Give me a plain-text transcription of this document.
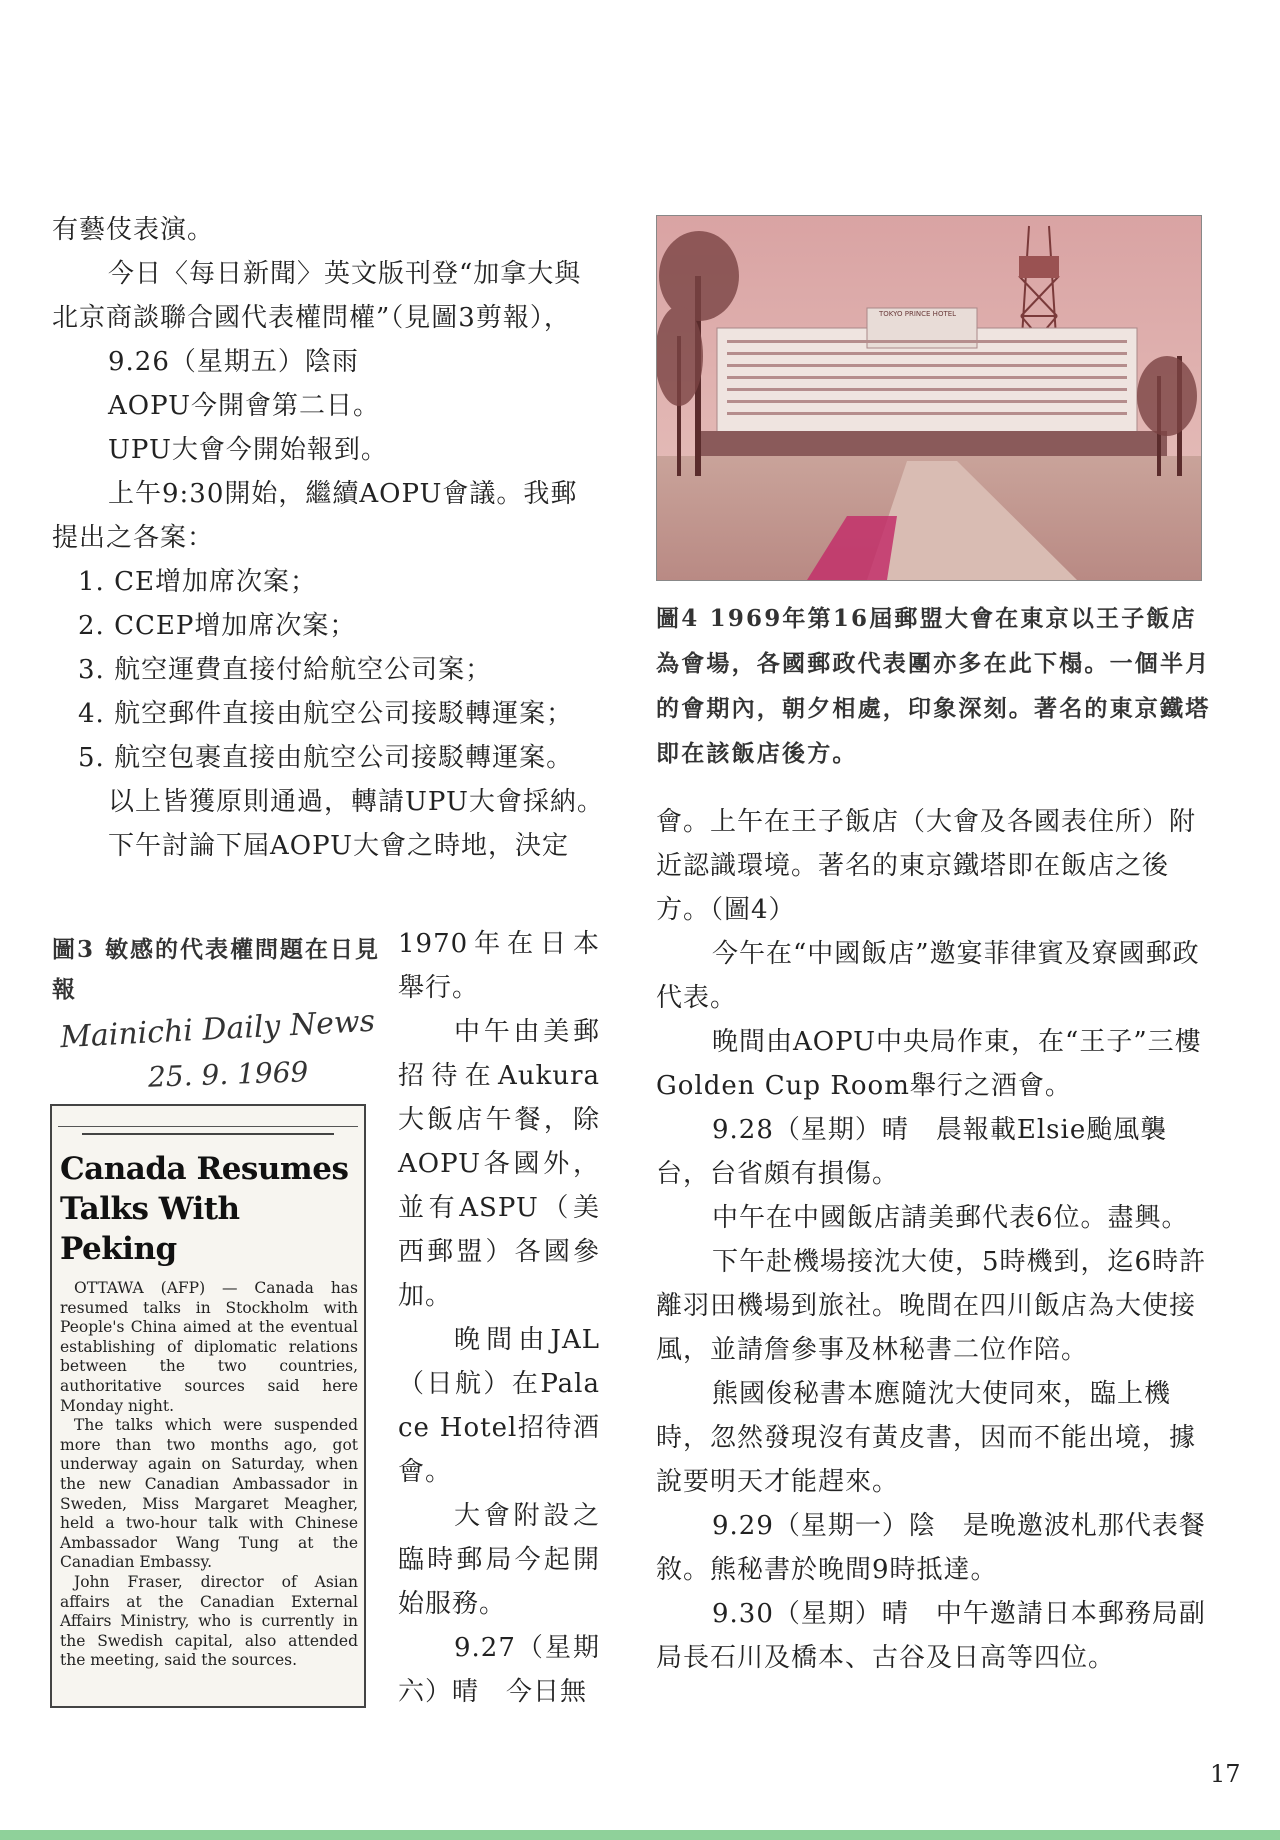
有藝伎表演。

今日〈每日新聞〉英文版刊登“加拿大與北京商談聯合國代表權問權”（見圖3剪報），

9.26（星期五）陰雨

AOPU今開會第二日。

UPU大會今開始報到。

上午9:30開始，繼續AOPU會議。我郵提出之各案：

1. CE增加席次案；
2. CCEP增加席次案；
3. 航空運費直接付給航空公司案；
4. 航空郵件直接由航空公司接駁轉運案；
5. 航空包裹直接由航空公司接駁轉運案。

以上皆獲原則通過，轉請UPU大會採納。

下午討論下屆AOPU大會之時地，決定

圖3 敏感的代表權問題在日見報
Mainichi Daily News
25. 9. 1969
Canada Resumes Talks With Peking

OTTAWA (AFP) — Canada has resumed talks in Stockholm with People's China aimed at the eventual establishing of diplomatic relations between the two countries, authoritative sources said here Monday night.

The talks which were suspended more than two months ago, got underway again on Saturday, when the new Canadian Ambassador in Sweden, Miss Margaret Meagher, held a two-hour talk with Chinese Ambassador Wang Tung at the Canadian Embassy.

John Fraser, director of Asian affairs at the Canadian External Affairs Ministry, who is currently in the Swedish capital, also attended the meeting, said the sources.

1970年在日本舉行。

中午由美郵招待在Aukura大飯店午餐，除AOPU各國外，並有ASPU（美西郵盟）各國參加。

晚間由JAL（日航）在Palace Hotel招待酒會。

大會附設之臨時郵局今起開始服務。

9.27（星期六）晴　今日無

TOKYO PRINCE HOTEL
圖4 1969年第16屆郵盟大會在東京以王子飯店為會場，各國郵政代表團亦多在此下榻。一個半月的會期內，朝夕相處，印象深刻。著名的東京鐵塔即在該飯店後方。

會。上午在王子飯店（大會及各國表住所）附近認識環境。著名的東京鐵塔即在飯店之後方。（圖4）

今午在“中國飯店”邀宴菲律賓及寮國郵政代表。

晚間由AOPU中央局作東，在“王子”三樓Golden Cup Room舉行之酒會。

9.28（星期）晴　晨報載Elsie颱風襲台，台省頗有損傷。

中午在中國飯店請美郵代表6位。盡興。

下午赴機場接沈大使，5時機到，迄6時許離羽田機場到旅社。晚間在四川飯店為大使接風，並請詹參事及林秘書二位作陪。

熊國俊秘書本應隨沈大使同來，臨上機時，忽然發現沒有黃皮書，因而不能出境，據說要明天才能趕來。

9.29（星期一）陰　是晚邀波札那代表餐敘。熊秘書於晚間9時抵達。

9.30（星期）晴　中午邀請日本郵務局副局長石川及橋本、古谷及日高等四位。

17
